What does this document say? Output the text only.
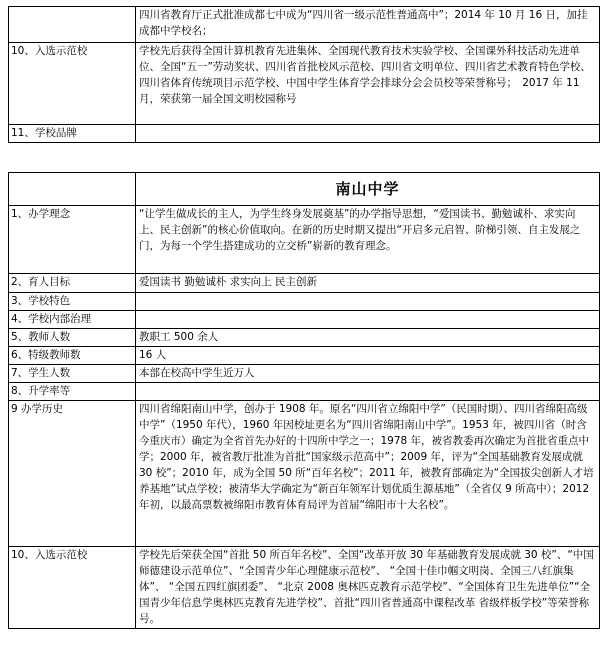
	四川省教育厅正式批准成都七中成为“四川省一级示范性普通高中”；2014 年 10 月 16 日，加挂成都中学校名；
10、入选示范校	学校先后获得全国计算机教育先进集体、全国现代教育技术实验学校、全国课外科技活动先进单位、全国“五一”劳动奖状、四川省首批校风示范校、四川省文明单位、四川省艺术教育特色学校、四川省体育传统项目示范学校、中国中学生体育学会排球分会会员校等荣誉称号；　2017 年 11 月，荣获第一届全国文明校园称号
11、学校品牌	
	南山中学
1、办学理念	“让学生做成长的主人，为学生终身发展奠基”的办学指导思想，“爱国读书、勤勉诚朴、求实向上、民主创新”的核心价值取向。在新的历史时期又提出“开启多元启智、阶梯引领、自主发展之门，为每一个学生搭建成功的立交桥”崭新的教育理念。
2、育人目标	爱国读书 勤勉诚朴 求实向上 民主创新
3、学校特色	
4、学校内部治理	
5、教师人数	教职工 500 余人
6、特级教师数	16 人
7、学生人数	本部在校高中学生近万人
8、升学率等	
9 办学历史	四川省绵阳南山中学，创办于 1908 年。原名“四川省立绵阳中学”（民国时期）、四川省绵阳高级中学”（1950 年代），1960 年因校址更名为“四川省绵阳南山中学”。1953 年，被四川省（时含今重庆市）确定为全省首先办好的十四所中学之一；1978 年，被省教委再次确定为首批省重点中学；2000 年，被省教厅批准为首批“国家级示范高中”；2009 年，评为“全国基础教育发展成就 30 校”；2010 年，成为全国 50 所“百年名校”；2011 年，被教育部确定为“全国拔尖创新人才培养基地”试点学校；被清华大学确定为“新百年领军计划优质生源基地”（全省仅 9 所高中）；2012 年初，以最高票数被绵阳市教育体育局评为首届“绵阳市十大名校”。
10、入选示范校	学校先后荣获全国“首批 50 所百年名校”、全国“改革开放 30 年基础教育发展成就 30 校”、“中国师德建设示范单位”、“全国青少年心理健康示范校”、 “全国十佳巾帼文明岗、全国三八红旗集体”、 “全国五四红旗团委”、 “北京 2008 奥林匹克教育示范学校”、“全国体育卫生先进单位”“全国青少年信息学奥林匹克教育先进学校”、首批“四川省普通高中课程改革 省级样板学校”等荣誉称号。
